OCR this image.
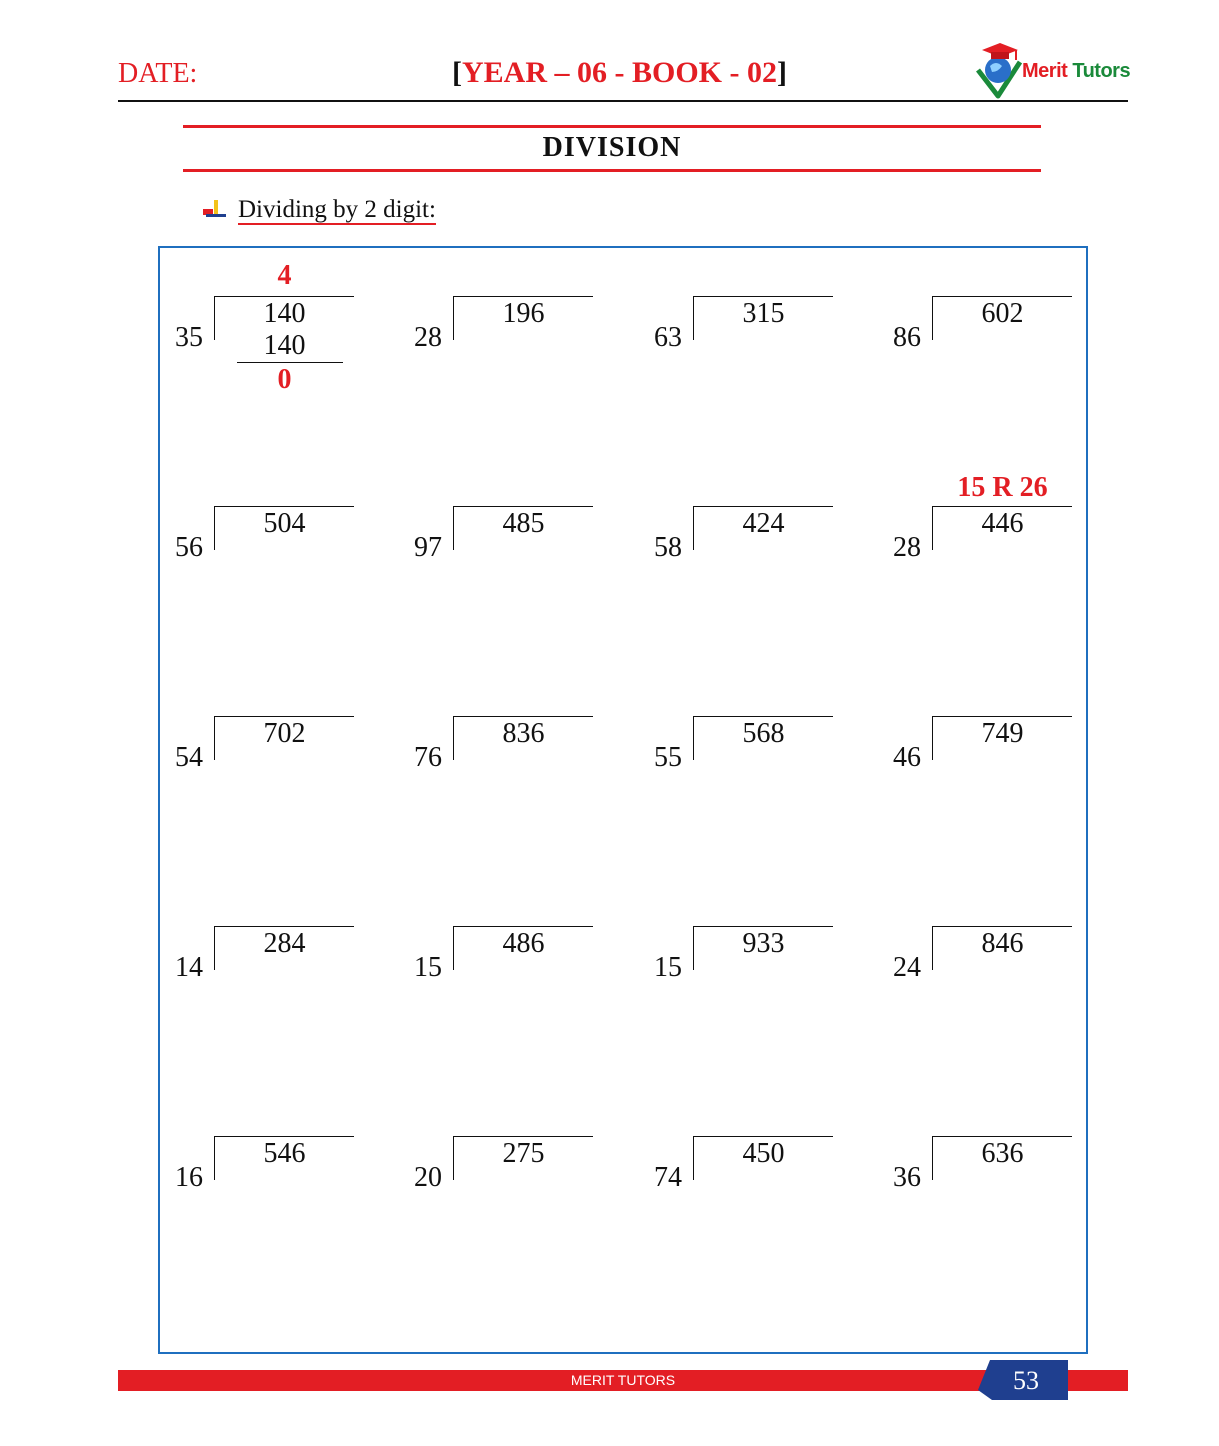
DATE:	[YEAR – 06 - BOOK - 02]	Merit Tutors
DIVISION
Dividing by 2 digit:
35
140
4
140
0
28
196
63
315
86
602
56
504
97
485
58
424
28
446
15 R 26
54
702
76
836
55
568
46
749
14
284
15
486
15
933
24
846
16
546
20
275
74
450
36
636
MERIT TUTORS	53
